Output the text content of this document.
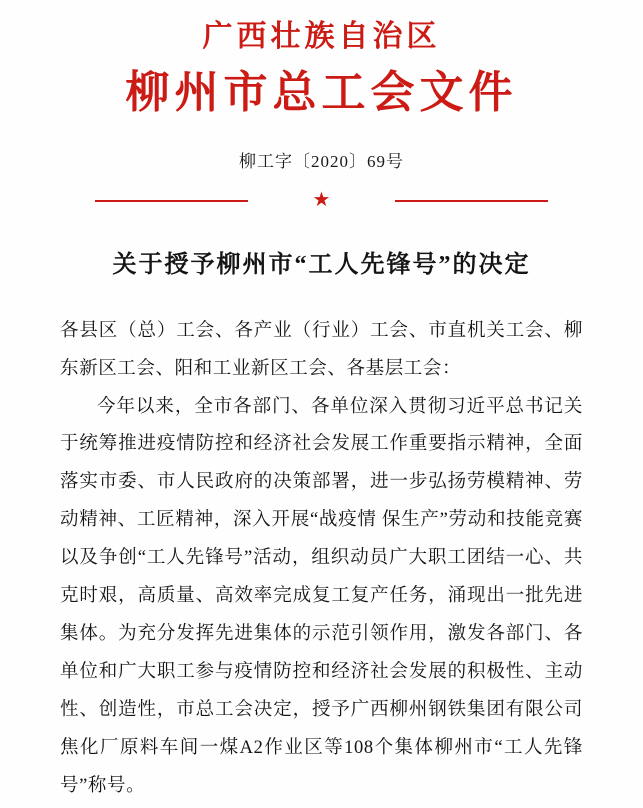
广西壮族自治区
柳州市总工会文件
柳工字〔2020〕69号
★
关于授予柳州市“工人先锋号”的决定

各县区（总）工会、各产业（行业）工会、市直机关工会、柳东新区工会、阳和工业新区工会、各基层工会：

今年以来，全市各部门、各单位深入贯彻习近平总书记关于统筹推进疫情防控和经济社会发展工作重要指示精神，全面落实市委、市人民政府的决策部署，进一步弘扬劳模精神、劳动精神、工匠精神，深入开展“战疫情 保生产”劳动和技能竞赛以及争创“工人先锋号”活动，组织动员广大职工团结一心、共克时艰，高质量、高效率完成复工复产任务，涌现出一批先进集体。为充分发挥先进集体的示范引领作用，激发各部门、各单位和广大职工参与疫情防控和经济社会发展的积极性、主动性、创造性，市总工会决定，授予广西柳州钢铁集团有限公司焦化厂原料车间一煤A2作业区等108个集体柳州市“工人先锋号”称号。
